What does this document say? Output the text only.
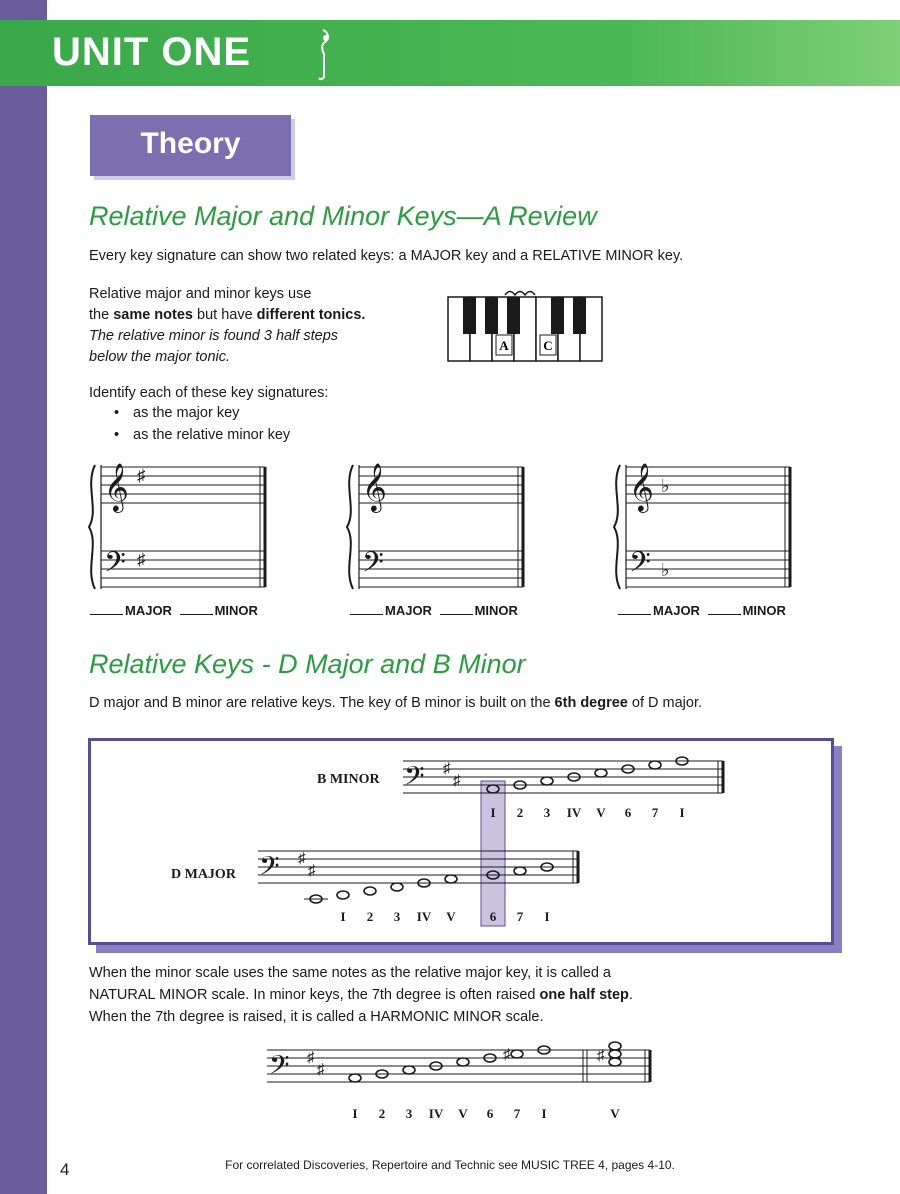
UNIT ONE
Theory
Relative Major and Minor Keys—A Review
Every key signature can show two related keys: a MAJOR key and a RELATIVE MINOR key.
Relative major and minor keys use
the same notes but have different tonics.
The relative minor is found 3 half steps
below the major tonic.
A	C
Identify each of these key signatures:
• as the major key
• as the relative minor key
♯
♯
♭
♭
MAJOR	MINOR	MAJOR	MINOR	MAJOR	MINOR
Relative Keys - D Major and B Minor
D major and B minor are relative keys. The key of B minor is built on the 6th degree of D major.
B MINOR 𝄢 ♯
♯
I 2 3 IV V 6 7 I
D MAJOR 𝄢 ♯
♯
I 2 3 IV V	6 7 I
When the minor scale uses the same notes as the relative major key, it is called a
NATURAL MINOR scale. In minor keys, the 7th degree is often raised one half step.
When the 7th degree is raised, it is called a HARMONIC MINOR scale.
𝄢 ♯
♯
♯	♯
I 2 3 IV V 6 7 I	V
4	For correlated Discoveries, Repertoire and Technic see MUSIC TREE 4, pages 4-10.
